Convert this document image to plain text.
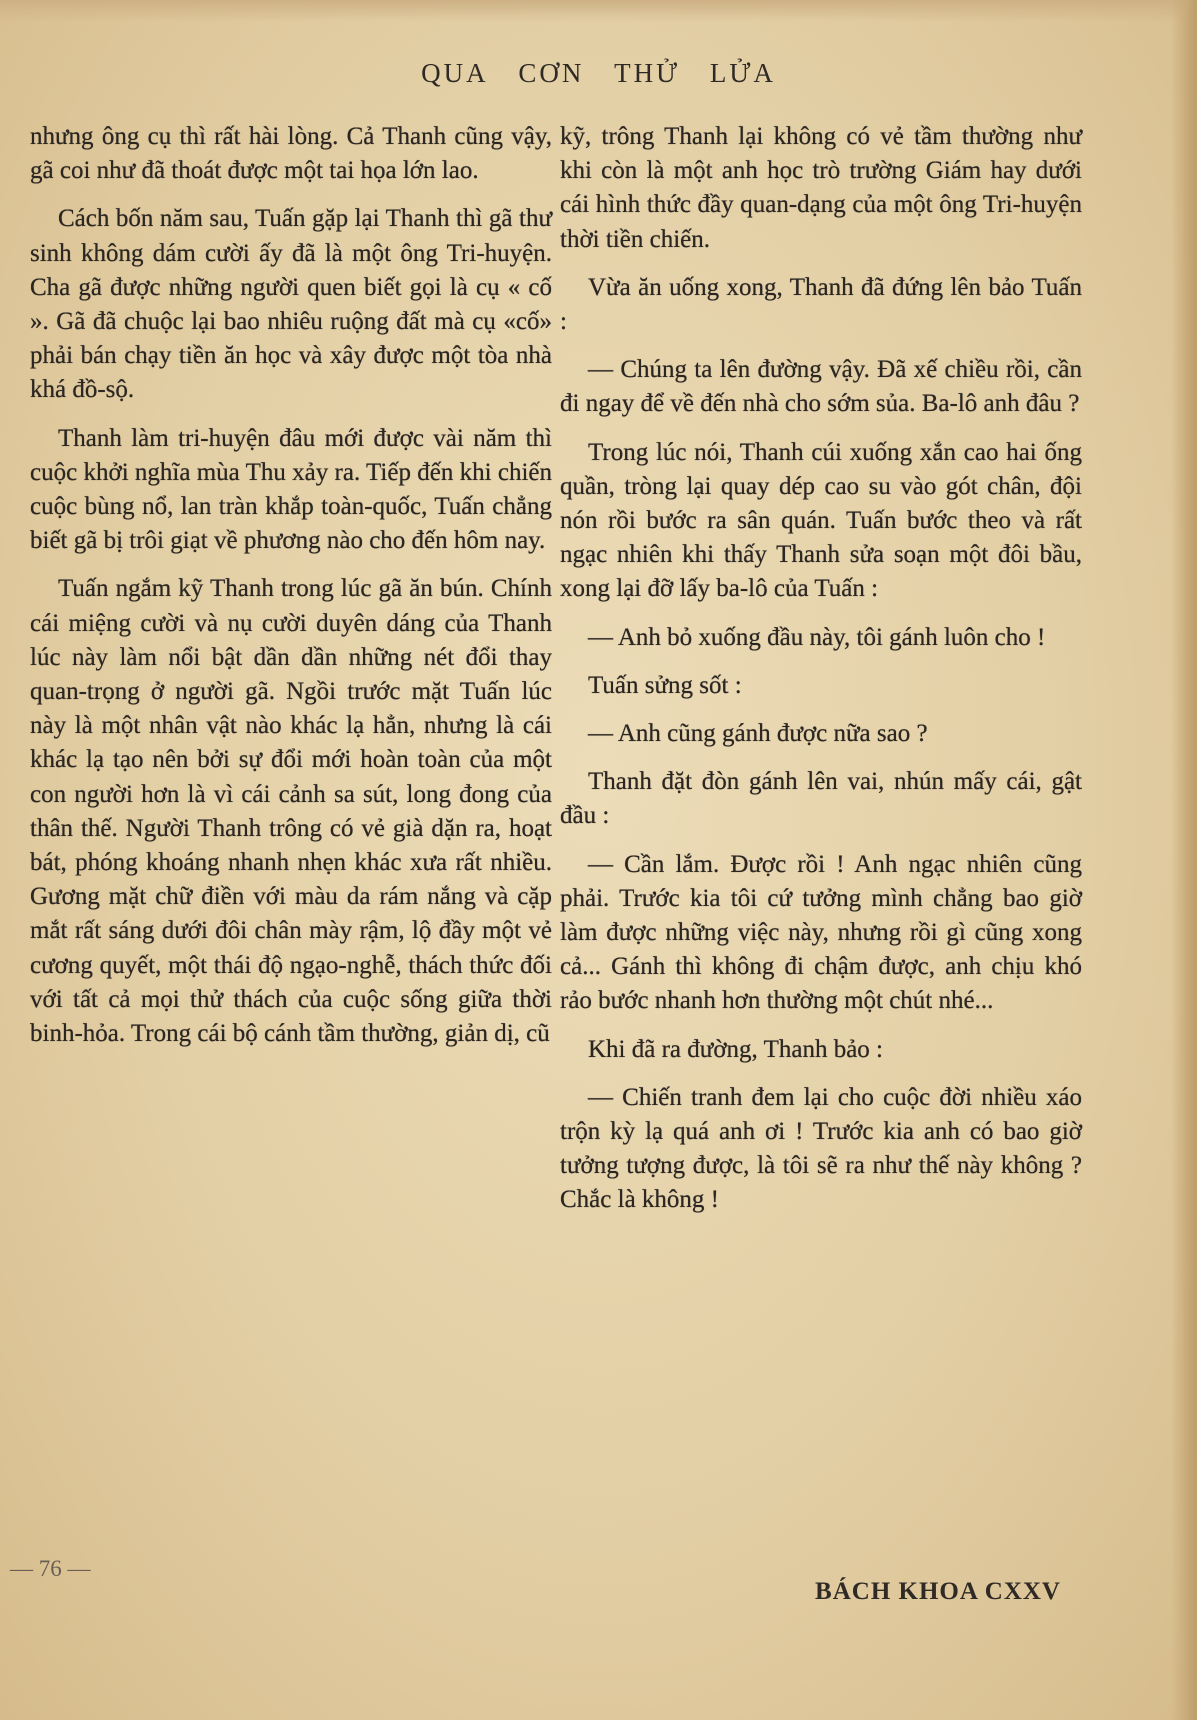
QUA CƠN THỬ LỬA

nhưng ông cụ thì rất hài lòng. Cả Thanh cũng vậy, gã coi như đã thoát được một tai họa lớn lao.

Cách bốn năm sau, Tuấn gặp lại Thanh thì gã thư sinh không dám cười ấy đã là một ông Tri-huyện. Cha gã được những người quen biết gọi là cụ « cố ». Gã đã chuộc lại bao nhiêu ruộng đất mà cụ «cố» phải bán chạy tiền ăn học và xây được một tòa nhà khá đồ-sộ.

Thanh làm tri-huyện đâu mới được vài năm thì cuộc khởi nghĩa mùa Thu xảy ra. Tiếp đến khi chiến cuộc bùng nổ, lan tràn khắp toàn-quốc, Tuấn chẳng biết gã bị trôi giạt về phương nào cho đến hôm nay.

Tuấn ngắm kỹ Thanh trong lúc gã ăn bún. Chính cái miệng cười và nụ cười duyên dáng của Thanh lúc này làm nổi bật dần dần những nét đổi thay quan-trọng ở người gã. Ngồi trước mặt Tuấn lúc này là một nhân vật nào khác lạ hẳn, nhưng là cái khác lạ tạo nên bởi sự đổi mới hoàn toàn của một con người hơn là vì cái cảnh sa sút, long đong của thân thế. Người Thanh trông có vẻ già dặn ra, hoạt bát, phóng khoáng nhanh nhẹn khác xưa rất nhiều. Gương mặt chữ điền với màu da rám nắng và cặp mắt rất sáng dưới đôi chân mày rậm, lộ đầy một vẻ cương quyết, một thái độ ngạo-nghễ, thách thức đối với tất cả mọi thử thách của cuộc sống giữa thời binh-hỏa. Trong cái bộ cánh tầm thường, giản dị, cũ

kỹ, trông Thanh lại không có vẻ tầm thường như khi còn là một anh học trò trường Giám hay dưới cái hình thức đầy quan-dạng của một ông Tri-huyện thời tiền chiến.

Vừa ăn uống xong, Thanh đã đứng lên bảo Tuấn :

— Chúng ta lên đường vậy. Đã xế chiều rồi, cần đi ngay để về đến nhà cho sớm sủa. Ba-lô anh đâu ?

Trong lúc nói, Thanh cúi xuống xắn cao hai ống quần, tròng lại quay dép cao su vào gót chân, đội nón rồi bước ra sân quán. Tuấn bước theo và rất ngạc nhiên khi thấy Thanh sửa soạn một đôi bầu, xong lại đỡ lấy ba-lô của Tuấn :

— Anh bỏ xuống đầu này, tôi gánh luôn cho !

Tuấn sửng sốt :

— Anh cũng gánh được nữa sao ?

Thanh đặt đòn gánh lên vai, nhún mấy cái, gật đầu :

— Cần lắm. Được rồi ! Anh ngạc nhiên cũng phải. Trước kia tôi cứ tưởng mình chẳng bao giờ làm được những việc này, nhưng rồi gì cũng xong cả... Gánh thì không đi chậm được, anh chịu khó rảo bước nhanh hơn thường một chút nhé...

Khi đã ra đường, Thanh bảo :

— Chiến tranh đem lại cho cuộc đời nhiều xáo trộn kỳ lạ quá anh ơi ! Trước kia anh có bao giờ tưởng tượng được, là tôi sẽ ra như thế này không ? Chắc là không !

— 76 —
BÁCH KHOA CXXV
